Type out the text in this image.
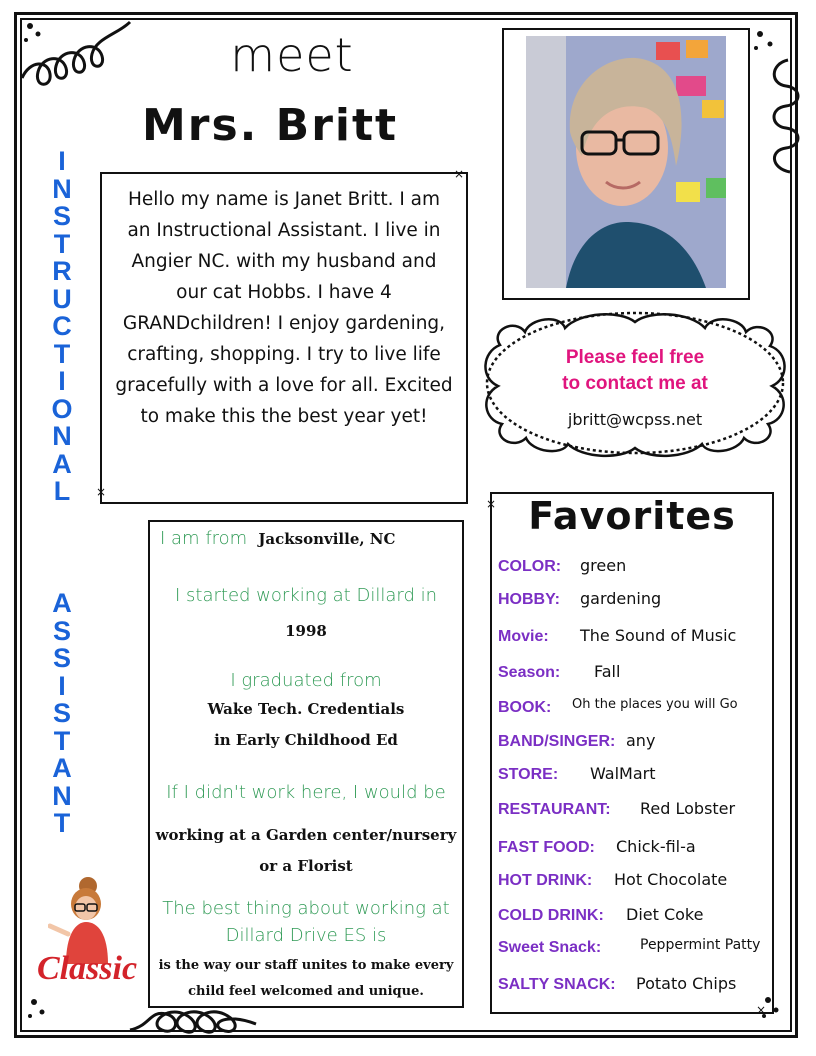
×
×
×
×
meet
Mrs. Britt
I
N
S
T
R
U
C
T
I
O
N
A
L
A
S
S
I
S
T
A
N
T
Hello my name is Janet Britt. I am an Instructional Assistant. I live in Angier NC. with my husband and our cat Hobbs. I have 4 GRANDchildren! I enjoy gardening, crafting, shopping. I try to live life gracefully with a love for all. Excited to make this the best year yet!
Please feel free
to contact me at
jbritt@wcpss.net
I am from Jacksonville, NC
I started working at Dillard in
1998
I graduated from
Wake Tech. Credentials
in Early Childhood Ed
If I didn't work here, I would be
working at a Garden center/nursery
or a Florist
The best thing about working at
Dillard Drive ES is
is the way our staff unites to make every
child feel welcomed and unique.
Favorites
COLOR: green
HOBBY: gardening
Movie: The Sound of Music
Season: Fall
BOOK: Oh the places you will Go
BAND/SINGER: any
STORE: WalMart
RESTAURANT: Red Lobster
FAST FOOD: Chick-fil-a
HOT DRINK: Hot Chocolate
COLD DRINK: Diet Coke
Sweet Snack:	Peppermint Patty
SALTY SNACK: Potato Chips
Classic
